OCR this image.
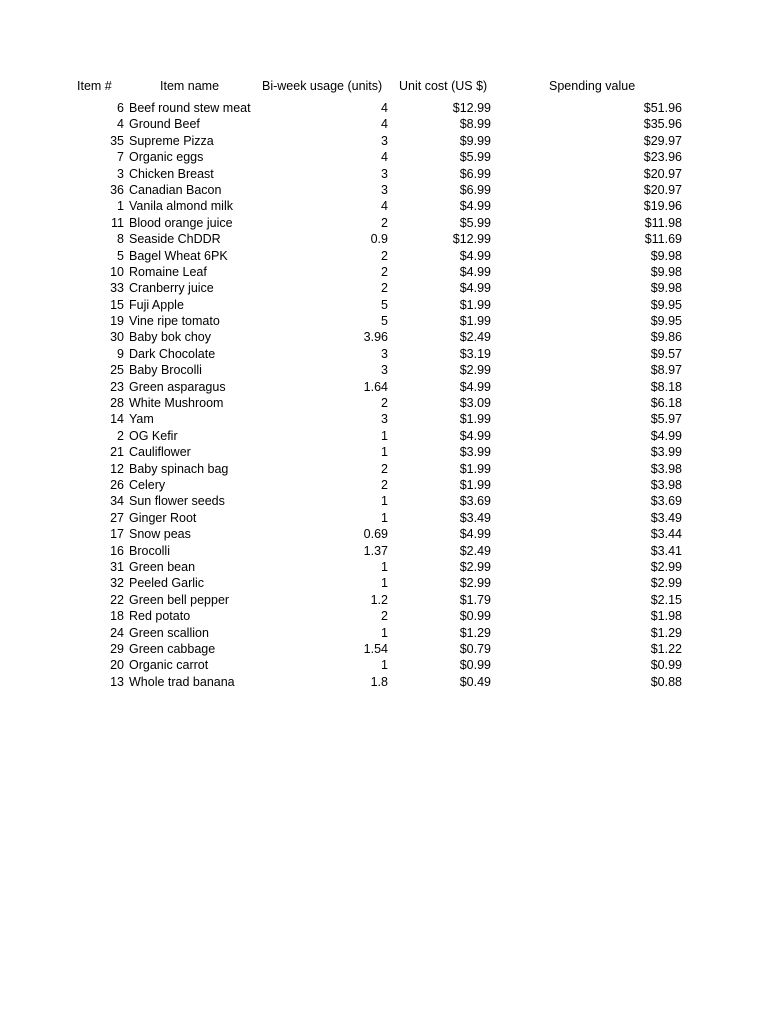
Item #	Item name	Bi-week usage (units) Unit cost (US $)	Spending value
6 Beef round stew meat	4	$12.99	$51.96
4 Ground Beef	4	$8.99	$35.96
35 Supreme Pizza	3	$9.99	$29.97
7 Organic eggs	4	$5.99	$23.96
3 Chicken Breast	3	$6.99	$20.97
36 Canadian Bacon	3	$6.99	$20.97
1 Vanila almond milk	4	$4.99	$19.96
11 Blood orange juice	2	$5.99	$11.98
8 Seaside ChDDR	0.9	$12.99	$11.69
5 Bagel Wheat 6PK	2	$4.99	$9.98
10 Romaine Leaf	2	$4.99	$9.98
33 Cranberry juice	2	$4.99	$9.98
15 Fuji Apple	5	$1.99	$9.95
19 Vine ripe tomato	5	$1.99	$9.95
30 Baby bok choy	3.96	$2.49	$9.86
9 Dark Chocolate	3	$3.19	$9.57
25 Baby Brocolli	3	$2.99	$8.97
23 Green asparagus	1.64	$4.99	$8.18
28 White Mushroom	2	$3.09	$6.18
14 Yam	3	$1.99	$5.97
2 OG Kefir	1	$4.99	$4.99
21 Cauliflower	1	$3.99	$3.99
12 Baby spinach bag	2	$1.99	$3.98
26 Celery	2	$1.99	$3.98
34 Sun flower seeds	1	$3.69	$3.69
27 Ginger Root	1	$3.49	$3.49
17 Snow peas	0.69	$4.99	$3.44
16 Brocolli	1.37	$2.49	$3.41
31 Green bean	1	$2.99	$2.99
32 Peeled Garlic	1	$2.99	$2.99
22 Green bell pepper	1.2	$1.79	$2.15
18 Red potato	2	$0.99	$1.98
24 Green scallion	1	$1.29	$1.29
29 Green cabbage	1.54	$0.79	$1.22
20 Organic carrot	1	$0.99	$0.99
13 Whole trad banana	1.8	$0.49	$0.88
